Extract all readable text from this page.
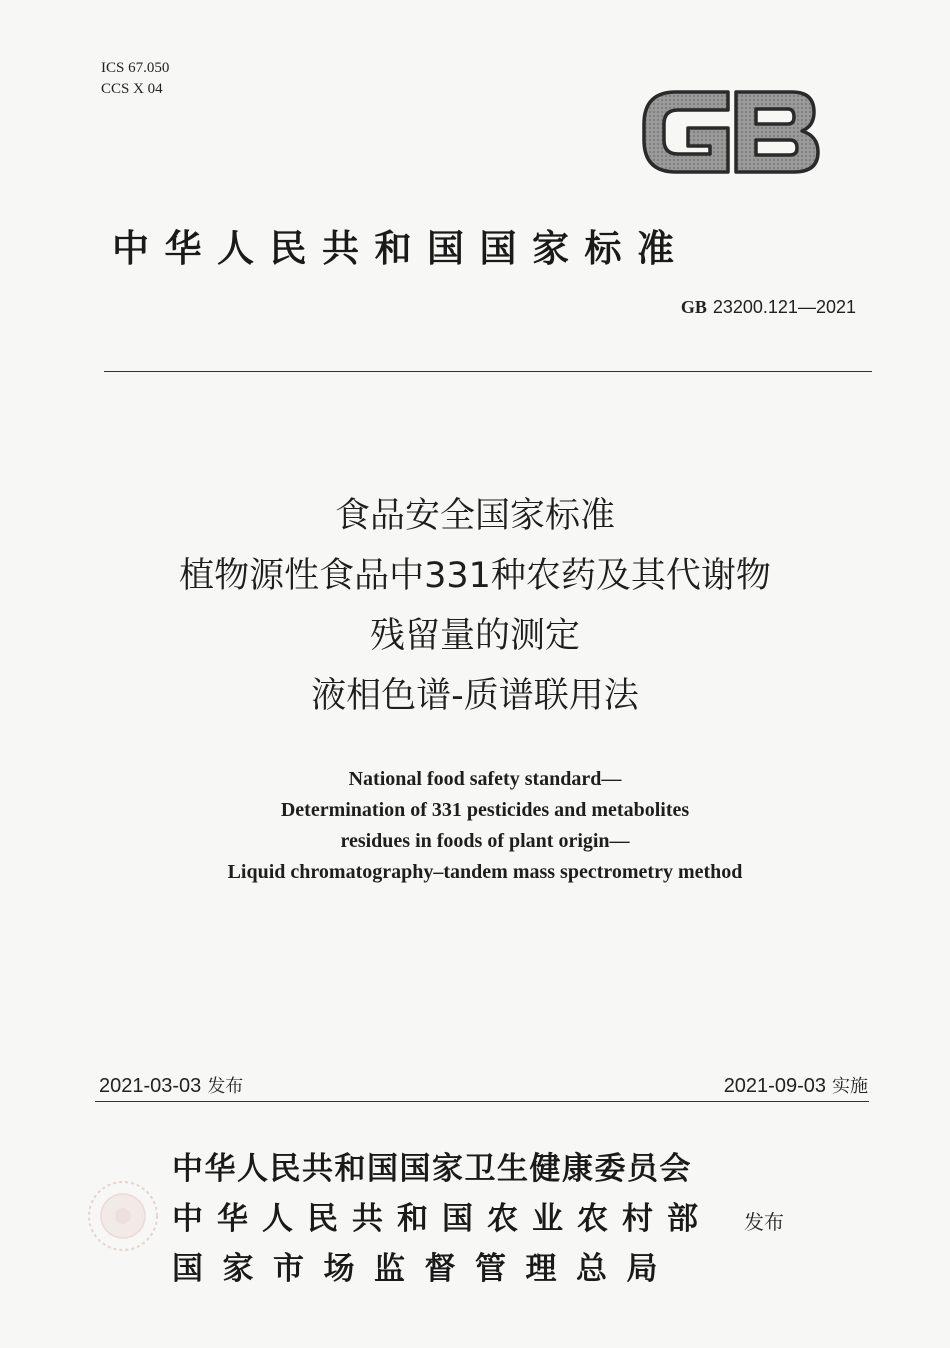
ICS 67.050
CCS X 04
中华人民共和国国家标准
GB 23200.121—2021
食品安全国家标准
植物源性食品中331种农药及其代谢物
残留量的测定
液相色谱-质谱联用法
National food safety standard—
Determination of 331 pesticides and metabolites
residues in foods of plant origin—
Liquid chromatography–tandem mass spectrometry method
2021-03-03 发布	2021-09-03 实施
中华人民共和国国家卫生健康委员会
中华人民共和国农业农村部
国家市场监督管理总局
发布
